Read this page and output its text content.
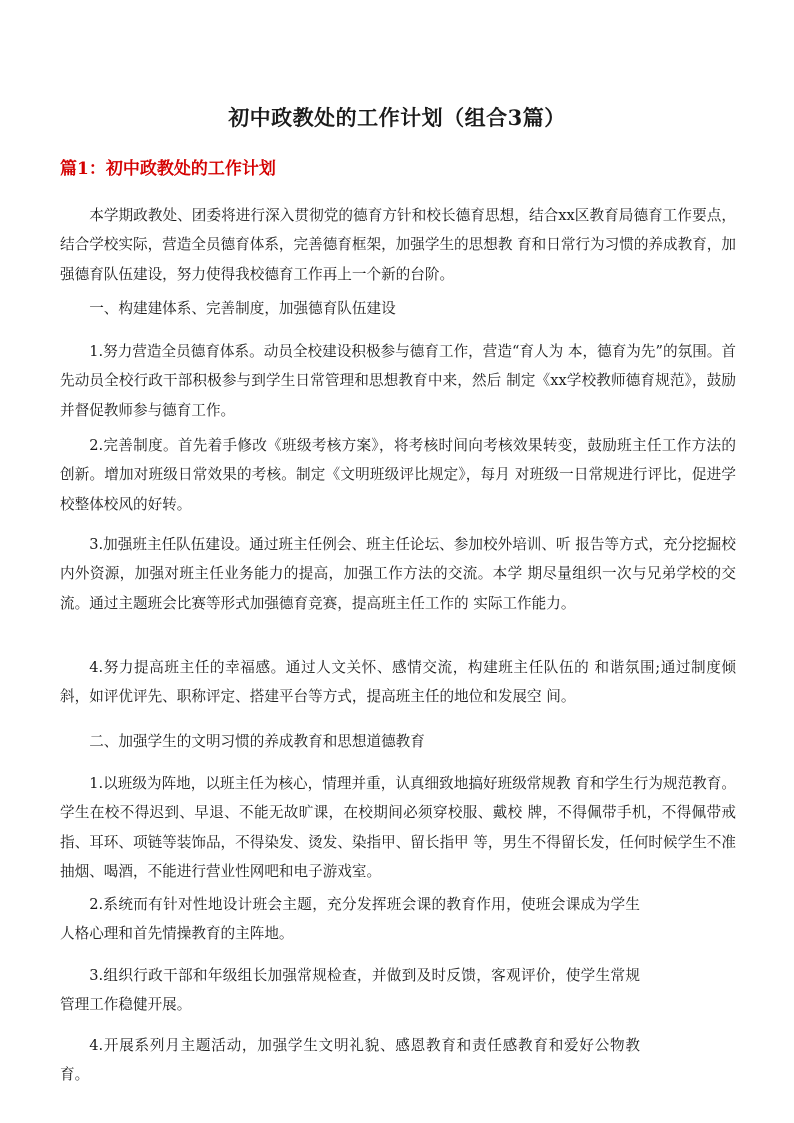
初中政教处的工作计划（组合3篇）
篇1：初中政教处的工作计划

本学期政教处、团委将进行深入贯彻党的德育方针和校长德育思想，结合xx区教育局德育工作要点，结合学校实际，营造全员德育体系，完善德育框架，加强学生的思想教 育和日常行为习惯的养成教育，加强德育队伍建设，努力使得我校德育工作再上一个新的台阶。

一、构建建体系、完善制度，加强德育队伍建设

1.努力营造全员德育体系。动员全校建设积极参与德育工作，营造“育人为 本，德育为先”的氛围。首先动员全校行政干部积极参与到学生日常管理和思想教育中来，然后 制定《xx学校教师德育规范》，鼓励并督促教师参与德育工作。

2.完善制度。首先着手修改《班级考核方案》，将考核时间向考核效果转变，鼓励班主任工作方法的创新。增加对班级日常效果的考核。制定《文明班级评比规定》，每月 对班级一日常规进行评比，促进学校整体校风的好转。

3.加强班主任队伍建设。通过班主任例会、班主任论坛、参加校外培训、听 报告等方式，充分挖掘校内外资源，加强对班主任业务能力的提高，加强工作方法的交流。本学 期尽量组织一次与兄弟学校的交流。通过主题班会比赛等形式加强德育竞赛，提高班主任工作的 实际工作能力。

4.努力提高班主任的幸福感。通过人文关怀、感情交流，构建班主任队伍的 和谐氛围;通过制度倾斜，如评优评先、职称评定、搭建平台等方式，提高班主任的地位和发展空 间。

二、加强学生的文明习惯的养成教育和思想道德教育

1.以班级为阵地，以班主任为核心，情理并重，认真细致地搞好班级常规教 育和学生行为规范教育。学生在校不得迟到、早退、不能无故旷课，在校期间必须穿校服、戴校 牌，不得佩带手机，不得佩带戒指、耳环、项链等装饰品，不得染发、烫发、染指甲、留长指甲 等，男生不得留长发，任何时候学生不准抽烟、喝酒，不能进行营业性网吧和电子游戏室。

2.系统而有针对性地设计班会主题，充分发挥班会课的教育作用，使班会课成为学生人格心理和首先情操教育的主阵地。

3.组织行政干部和年级组长加强常规检查，并做到及时反馈，客观评价，使学生常规管理工作稳健开展。

4.开展系列月主题活动，加强学生文明礼貌、感恩教育和责任感教育和爱好公物教育。
